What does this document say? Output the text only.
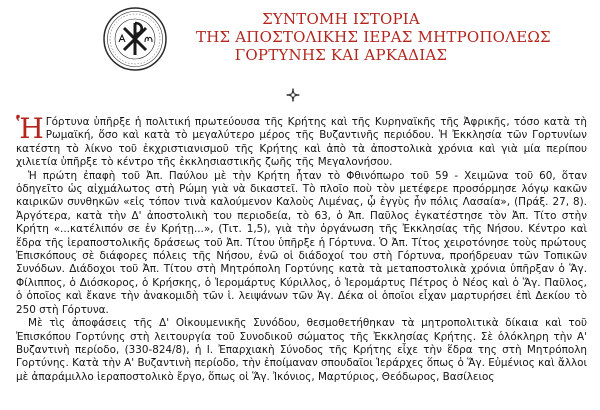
ΣΥΝΤΟΜΗ ΙΣΤΟΡΙΑ
ΤΗΣ ΑΠΟΣΤΟΛΙΚΗΣ ΙΕΡΑΣ ΜΗΤΡΟΠΟΛΕΩΣ
ΓΟΡΤΥΝΗΣ ΚΑΙ ΑΡΚΑΔΙΑΣ

Ἡ Γόρτυνα ὑπῆρξε ἡ πολιτική πρωτεύουσα τῆς Κρήτης καὶ τῆς Κυρηναϊκῆς τῆς Ἀφρικῆς, τόσο κατὰ τὴ Ρωμαϊκή, ὅσο καὶ κατὰ τὸ μεγαλύτερο μέρος τῆς Βυζαντινῆς περιόδου. Ἡ Ἐκκλησία τῶν Γορτυνίων κατέστη τὸ λίκνο τοῦ ἐκχριστιανισμοῦ τῆς Κρήτης καὶ ἀπὸ τὰ ἀποστολικὰ χρόνια καὶ γιὰ μία περίπου χιλιετία ὑπῆρξε τὸ κέντρο τῆς ἐκκλησιαστικῆς ζωῆς τῆς Μεγαλονήσου.

Ἡ πρώτη ἐπαφὴ τοῦ Ἀπ. Παύλου μὲ τὴν Κρήτη ἦταν τὸ Φθινόπωρο τοῦ 59 - Χειμῶνα τοῦ 60, ὅταν ὁδηγεῖτο ὡς αἰχμάλωτος στὴ Ρώμη γιὰ νὰ δικαστεῖ. Τὸ πλοῖο ποὺ τὸν μετέφερε προσόρμησε λόγῳ κακῶν καιρικῶν συνθηκῶν «εἰς τόπον τινὰ καλούμενον Καλοὺς Λιμένας, ᾧ ἐγγὺς ἦν πόλις Λασαία», (Πράξ. 27, 8). Ἀργότερα, κατὰ τὴν Δ' ἀποστολικὴ του περιοδεία, τὸ 63, ὁ Ἀπ. Παῦλος ἐγκατέστησε τὸν Ἀπ. Τίτο στὴν Κρήτη «...κατέλιπόν σε ἐν Κρήτῃ...», (Τιτ. 1,5), γιὰ τὴν ὀργάνωση τῆς Ἐκκλησίας τῆς Νήσου. Κέντρο καὶ ἕδρα τῆς ἱεραποστολικῆς δράσεως τοῦ Ἀπ. Τίτου ὑπῆρξε ἡ Γόρτυνα. Ὁ Ἀπ. Τίτος χειροτόνησε τοὺς πρώτους Ἐπισκόπους σὲ διάφορες πόλεις τῆς Νήσου, ἐνῶ οἱ διάδοχοί του στὴ Γόρτυνα, προήδρευαν τῶν Τοπικῶν Συνόδων. Διάδοχοι τοῦ Ἀπ. Τίτου στὴ Μητρόπολη Γορτύνης κατὰ τὰ μεταποστολικὰ χρόνια ὑπῆρξαν ὁ Ἅγ. Φίλιππος, ὁ Διόσκορος, ὁ Κρήσκης, ὁ Ἱερομάρτυς Κύριλλος, ὁ Ἱερομάρτυς Πέτρος ὁ Νέος καὶ ὁ Ἅγ. Παῦλος, ὁ ὁποῖος καὶ ἔκανε τὴν ἀνακομιδὴ τῶν ἱ. λειψάνων τῶν Ἁγ. Δέκα οἱ ὁποῖοι εἶχαν μαρτυρήσει ἐπὶ Δεκίου τὸ 250 στὴ Γόρτυνα.

Μὲ τὶς ἀποφάσεις τῆς Δ' Οἰκουμενικῆς Συνόδου, θεσμοθετήθηκαν τὰ μητροπολιτικὰ δίκαια καὶ τοῦ Ἐπισκόπου Γορτύνης στὴ λειτουργία τοῦ Συνοδικοῦ σώματος τῆς Ἐκκλησίας Κρήτης. Σὲ ὁλόκληρη τὴν Α' Βυζαντινὴ περίοδο, (330-824/8), ἡ Ι. Ἐπαρχιακὴ Σύνοδος τῆς Κρήτης εἶχε τὴν ἕδρα της στὴ Μητρόπολη Γορτύνης. Κατὰ τὴν Α' Βυζαντινὴ περίοδο, τὴν ἐποίμαναν σπουδαῖοι Ἱεράρχες ὅπως ὁ Ἅγ. Εὐμένιος καὶ ἄλλοι μὲ ἀπαράμιλλο ἱεραποστολικὸ ἔργο, ὅπως οἱ Ἅγ. Ἰκόνιος, Μαρτύριος, Θεόδωρος, Βασίλειος
